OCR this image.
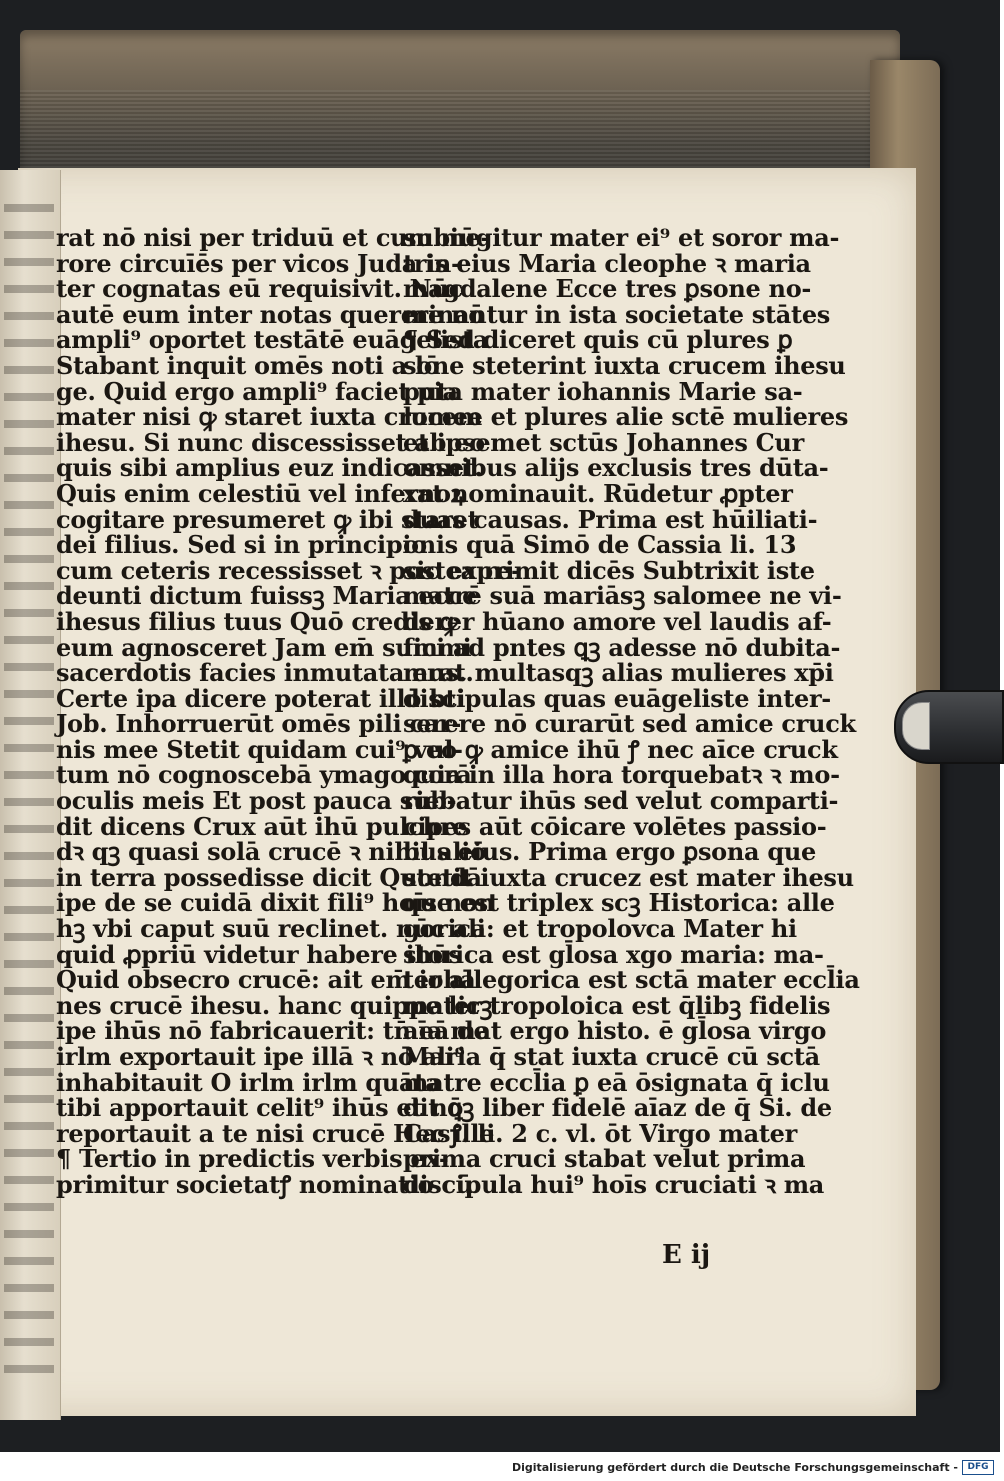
rat nō nisi per triduū et cum me-
rore circuīēs per vicos Juda in-
ter cognatas eū requisivit. Nūc
autē eum inter notas querere nō
ampli⁹ oportet testātē euāgelista
Stabant inquit omēs noti a lō
ge. Quid ergo ampli⁹ faciet pia
mater nisi ꝙ staret iuxta crucem
ihesu. Si nunc discessisset ab eo
quis sibi amplius euz indicasset.
Quis enim celestiū vel infernoꝝ
cogitare presumeret ꝙ ibi staret
dei filius. Sed si in principio
cum ceteris recessisset ꝛ postea re-
deunti dictum fuissꝫ Maria ecce
ihesus filius tuus Quō credis ꝙ
eum agnosceret Jam em̄ summi
sacerdotis facies inmutata erat.
Certe ipa dicere poterat illō bti
Job. Inhorruerūt omēs pili car-
nis mee Stetit quidam cui⁹ vul-
tum nō cognoscebā ymago corā
oculis meis Et post pauca sub-
dit dicens Crux aūt ihū pulchre
dꝛ qꝫ quasi solā crucē ꝛ nihil aliō
in terra possedisse dicit Quondā
ipe de se cuidā dixit fili⁹ hoīs non
hꝫ vbi caput suū reclinet. nūc ali
quid ꝓpriū videtur habere ihūs
Quid obsecro crucē: ait em̄ iohā
nes crucē ihesu. hanc quippe licꝫ
ipe ihūs nō fabricauerit: tn̄ eā de
irlm exportauit ipe illā ꝛ nō ali⁹
inhabitauit O irlm irlm quāta
tibi apportauit celit⁹ ihūs et nō
reportauit a te nisi crucē Hec ille
¶ Tertio in predictis verbis ex-
primitur societatꝭ nominatio cū
subiūgitur mater ei⁹ et soror ma-
tris eius Maria cleophe ꝛ maria
magdalene Ecce tres ꝑsone no-
minantur in ista societate stātes
¶ Sed diceret quis cū plures ꝑ
sone steterint iuxta crucem ihesu
puta mater iohannis Marie sa-
lomee et plures alie sctē mulieres
et ipsemet sctūs Johannes Cur
omnibus alijs exclusis tres dūta-
xat nominauit. Rūdetur ꝓpter
duas causas. Prima est hūiliati-
onis quā Simō de Cassia li. 13
sic exprimit dicēs Subtrixit iste
matrē suā mariāsꝫ salomee ne vi-
derer hūano amore vel laudis af-
fici ad pntes ꝗꝫ adesse nō dubita-
mus. multasqꝫ alias mulieres xp̄i
discipulas quas euāgeliste inter-
serere nō curarūt sed amice cruck
ꝑ eo ꝙ amice ihū ꝭ nec aīce cruck
quia in illa hora torquebatꝛ ꝛ mo-
riebatur ihūs sed velut comparti-
cipes aūt cōicare volētes passio-
bus eius. Prima ergo ꝑsona que
stetit iuxta crucez est mater ihesu
que est triplex scꝫ Historica: alle
gorica: et tropolovca Mater hi
storica est gl̄osa xgo maria: ma-
ter allegorica est sctā mater eccl̄ia
mater tropoloica est q̄libꝫ fidelis
aīa mat ergo histo. ē gl̄osa virgo
Maria q̄ stat iuxta crucē cū sctā
matre eccl̄ia ꝑ eā ōsignata q̄ iclu
dit ꝗꝫ liber fidelē aīaz de q̄ Si. de
Casꝭ. li. 2 c. vl. ōt Virgo mater
prima cruci stabat velut prima
discipula hui⁹ hoīs cruciati ꝛ ma
E ij
Digitalisierung gefördert durch die Deutsche Forschungsgemeinschaft -	DFG
